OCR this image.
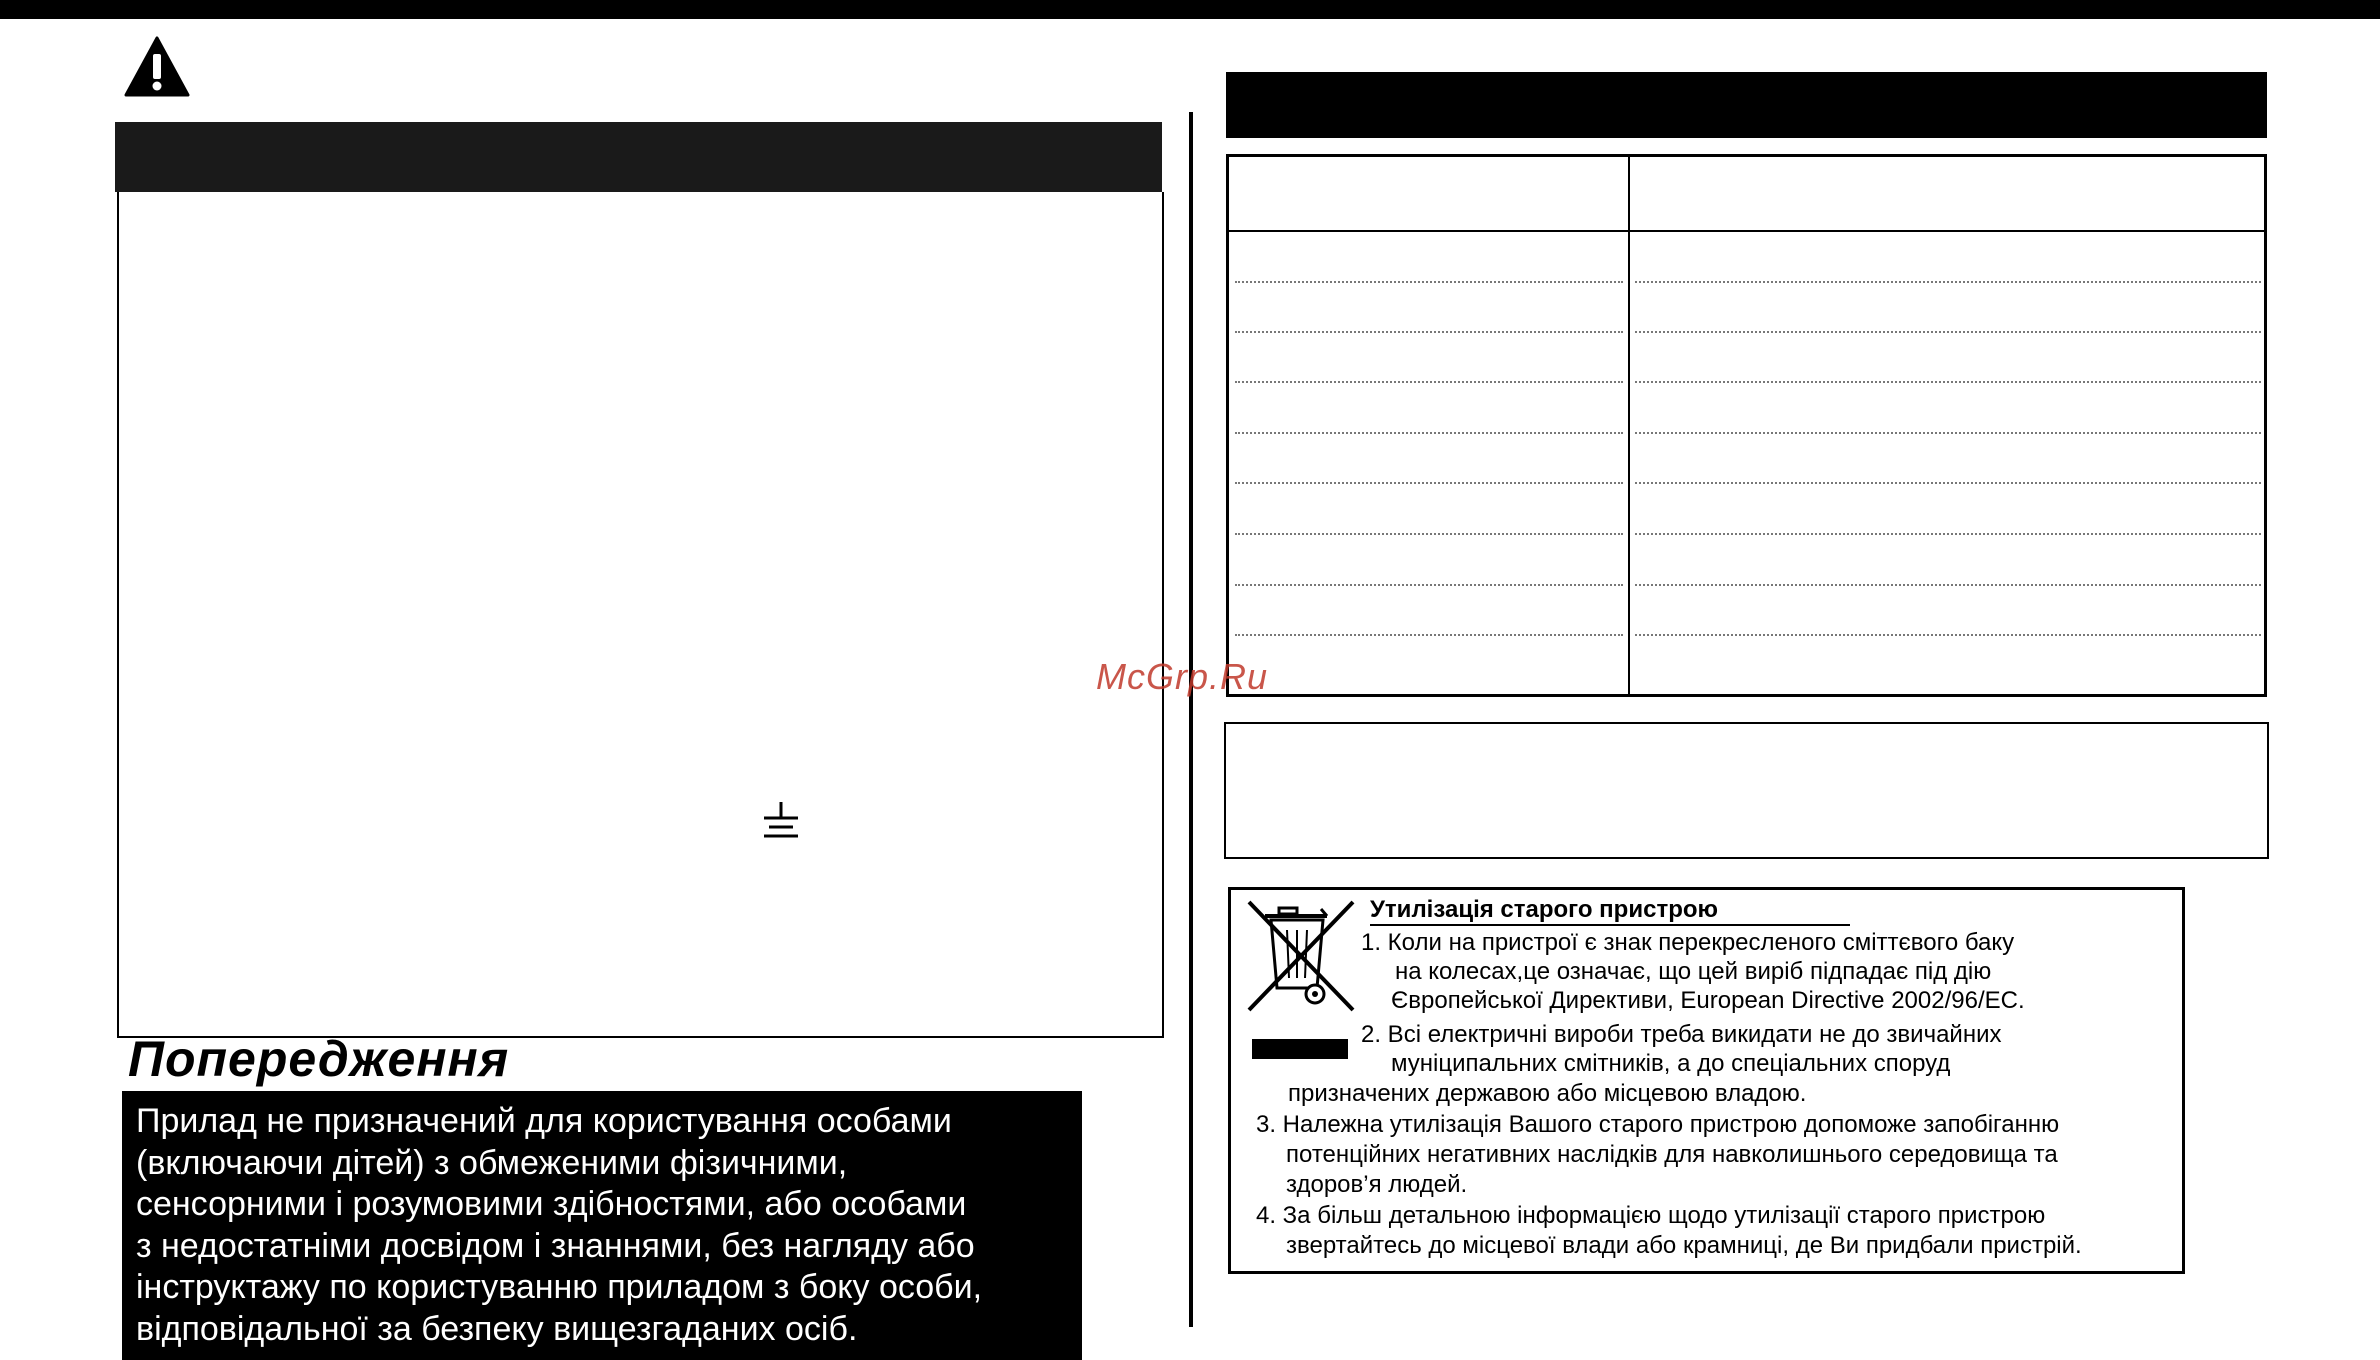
Попередження
Прилад не призначений для користування особами
(включаючи дітей) з обмеженими фізичними,
сенсорними і розумовими здібностями, або особами
з недостатніми досвідом і знаннями, без нагляду або
інструктажу по користуванню приладом з боку особи,
відповідальної за безпеку вищезгаданих осіб.
Утилізація старого пристрою
1. Коли на пристрої є знак перекресленого сміттєвого баку
на колесах,це означає, що цей виріб підпадає під дію
Європейської Директиви, European Directive 2002/96/EC.
2. Всі електричні вироби треба викидати не до звичайних
муніципальних смітників, а до спеціальних споруд
призначених державою або місцевою владою.
3. Належна утилізація Вашого старого пристрою допоможе запобіганню
потенційних негативних наслідків для навколишнього середовища та
здоров’я людей.
4. За більш детальною інформацією щодо утилізації старого пристрою
звертайтесь до місцевої влади або крамниці, де Ви придбали пристрій.
McGrp.Ru
